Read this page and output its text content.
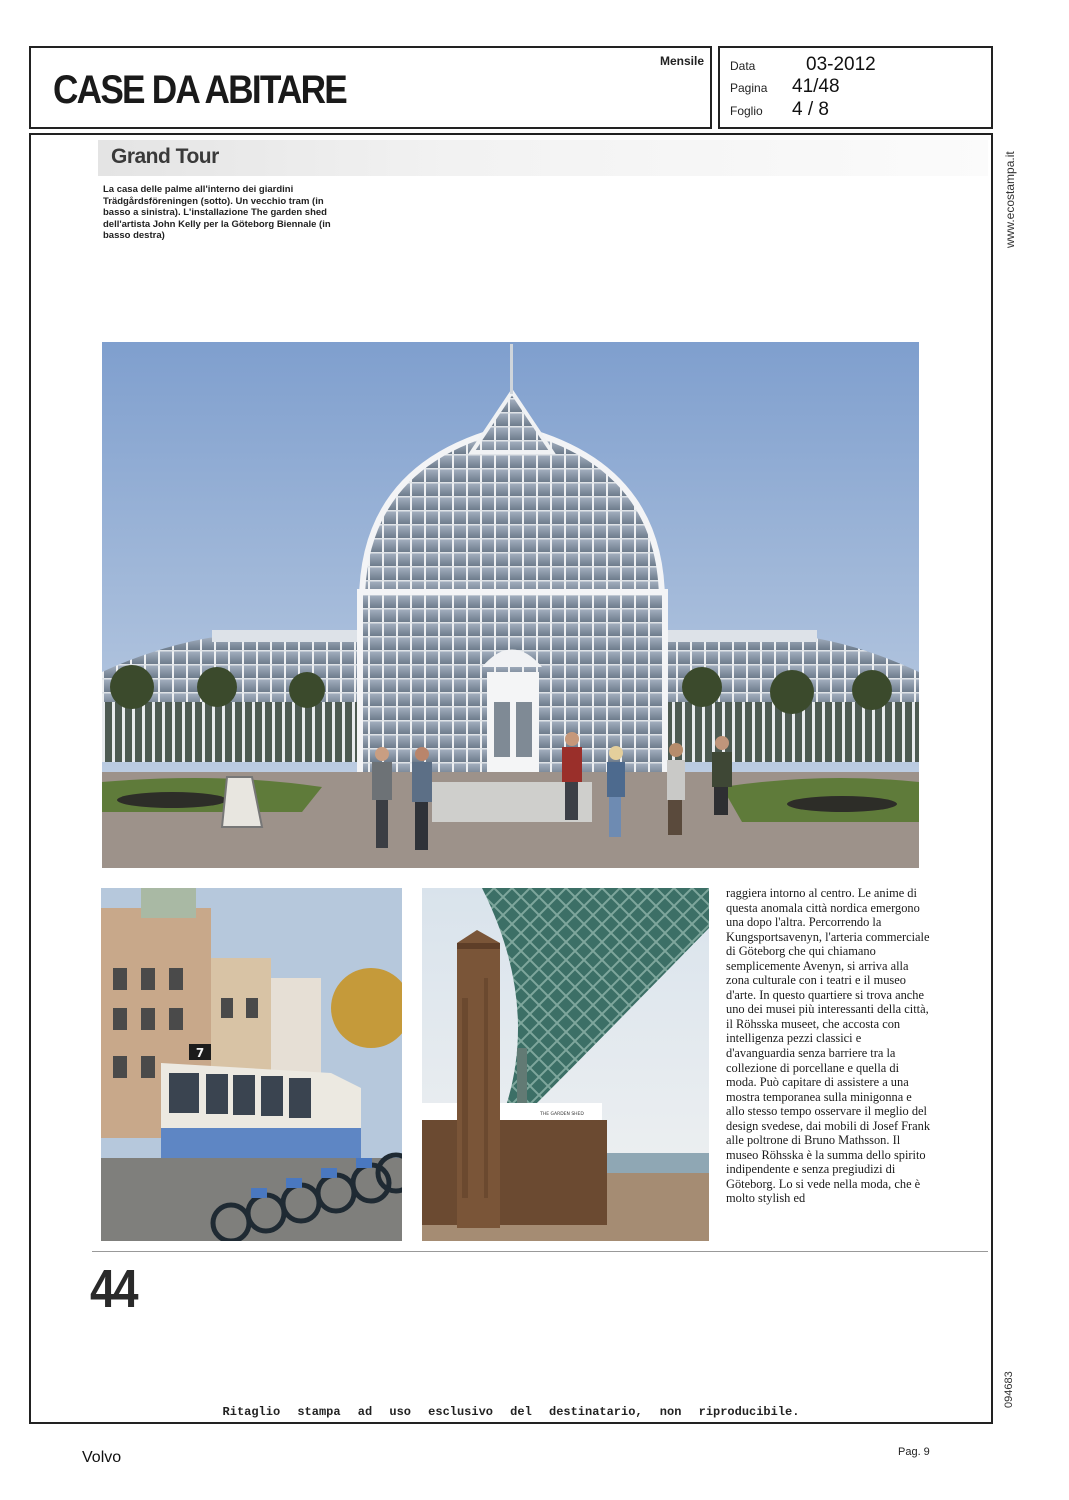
CASE DA ABITARE
Mensile Data	03-2012
Pagina	41/48
Foglio	4 / 8
www.ecostampa.it
094683
Grand Tour
La casa delle palme all'interno dei giardini Trädgårdsföreningen (sotto). Un vecchio tram (in basso a sinistra). L'installazione The garden shed dell'artista John Kelly per la Göteborg Biennale (in basso destra)
7
THE GARDEN SHED

raggiera intorno al centro. Le anime di questa anomala città nordica emergono una dopo l'altra. Percorrendo la Kungsportsavenyn, l'arteria commerciale di Göteborg che qui chiamano semplicemente Avenyn, si arriva alla zona culturale con i teatri e il museo d'arte. In questo quartiere si trova anche uno dei musei più interessanti della città, il Röhsska museet, che accosta con intelligenza pezzi classici e d'avanguardia senza barriere tra la collezione di porcellane e quella di moda. Può capitare di assistere a una mostra temporanea sulla minigonna e allo stesso tempo osservare il meglio del design svedese, dai mobili di Josef Frank alle poltrone di Bruno Mathsson. Il museo Röhsska è la summa dello spirito indipendente e senza pregiudizi di Göteborg. Lo si vede nella moda, che è molto stylish ed

44
Ritaglio stampa ad uso esclusivo del destinatario, non riproducibile.
Volvo	Pag. 9
